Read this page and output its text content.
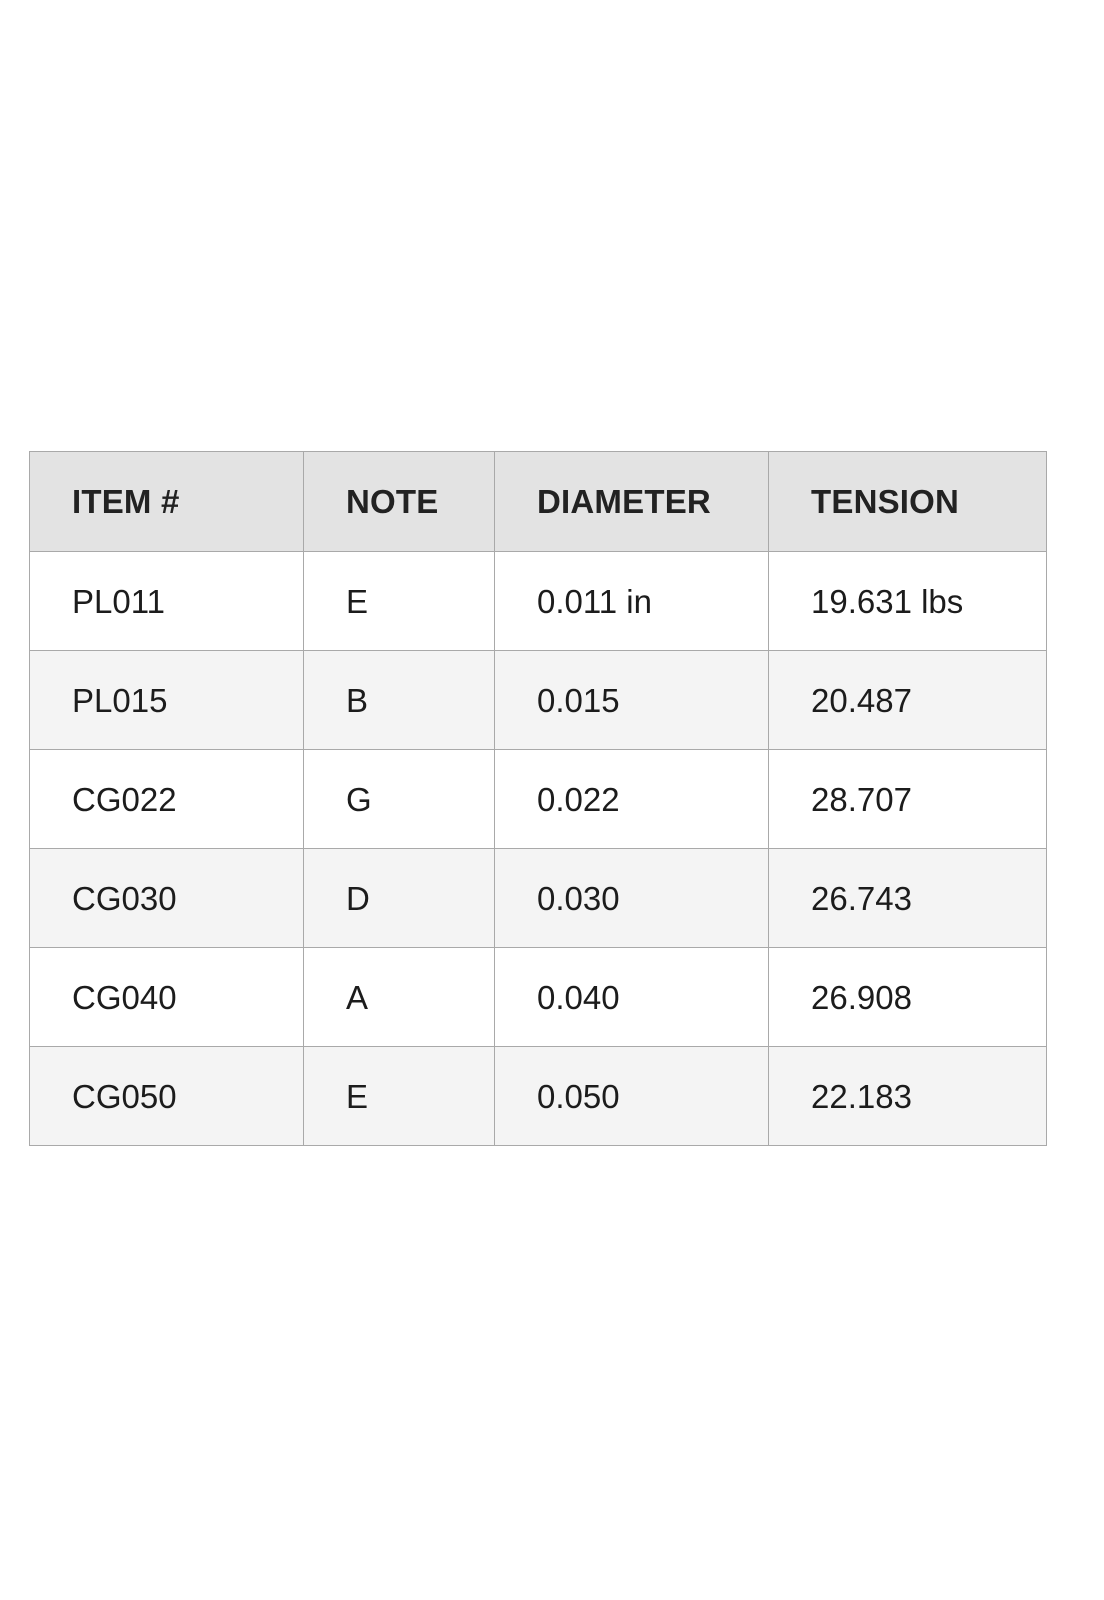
ITEM #	NOTE	DIAMETER	TENSION
PL011	E	0.011 in	19.631 lbs
PL015	B	0.015	20.487
CG022	G	0.022	28.707
CG030	D	0.030	26.743
CG040	A	0.040	26.908
CG050	E	0.050	22.183
